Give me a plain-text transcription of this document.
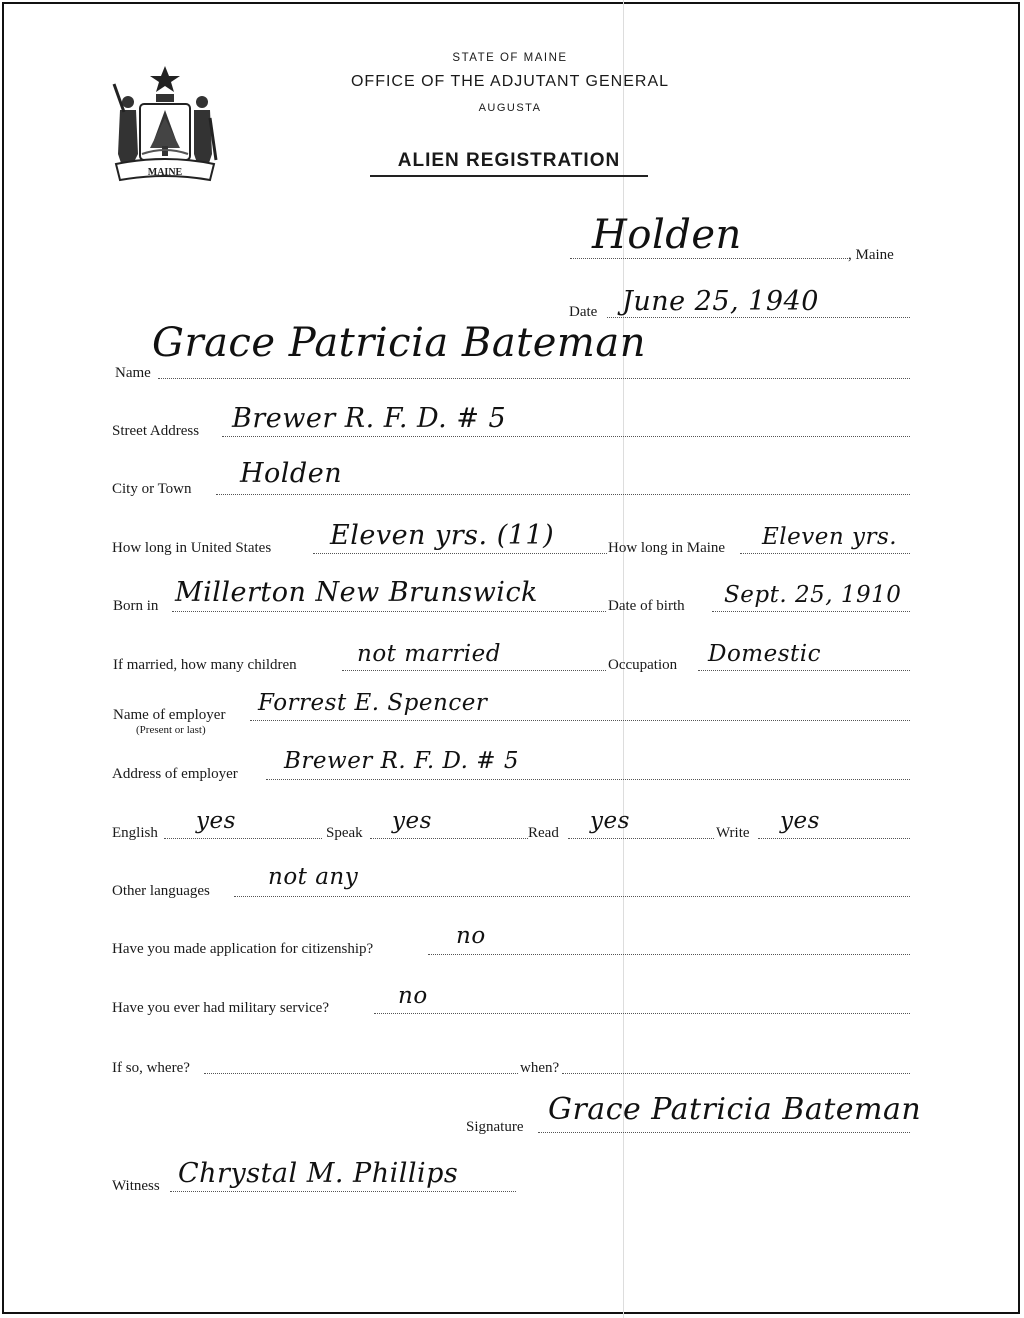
MAINE
STATE OF MAINE
OFFICE OF THE ADJUTANT GENERAL
AUGUSTA
ALIEN REGISTRATION
Holden	, Maine
Date June 25, 1940
Name
Grace Patricia Bateman
Street Address Brewer R. F. D. # 5
City or Town Holden
How long in United States Eleven yrs. (11)	How long in Maine Eleven yrs.
Born in Millerton New Brunswick	Date of birth Sept. 25, 1910
If married, how many children	not married	Occupation Domestic
Name of employer
(Present or last)
Forrest E. Spencer
Address of employer Brewer R. F. D. # 5
English yes	Speak yes	Read yes	Write yes
Other languages
not any
Have you made application for citizenship?	no
Have you ever had military service?	no
If so, where?	when?
Signature Grace Patricia Bateman
Witness Chrystal M. Phillips
